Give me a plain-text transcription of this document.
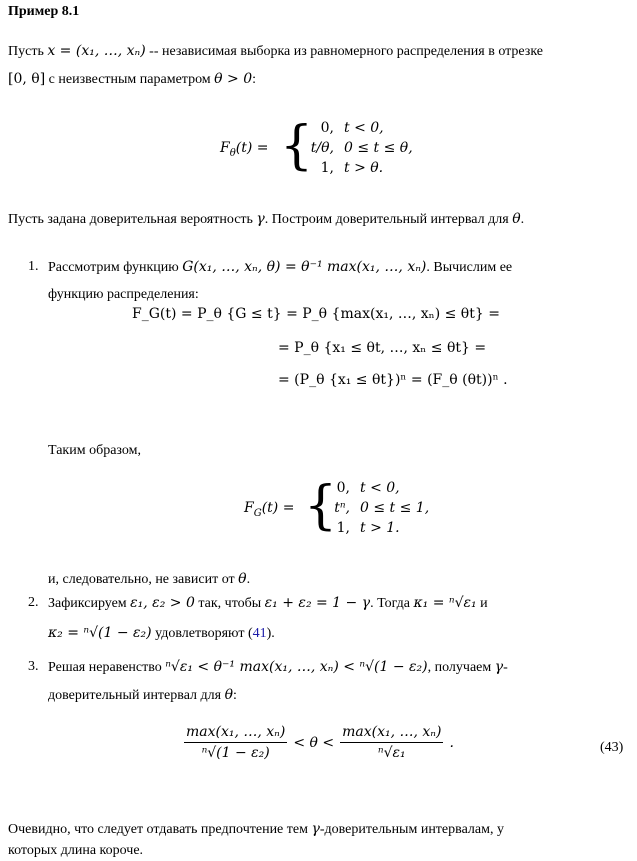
Пример 8.1
Пусть x = (x₁, …, xₙ) -- независимая выборка из равномерного распределения в отрезке
[0, θ] с неизвестным параметром θ > 0:
$F_\theta(t)$ = { 0, t < 0,
t/θ, 0 ≤ t ≤ θ,
1, t > θ.
Пусть задана доверительная вероятность γ. Построим доверительный интервал для θ.
1. Рассмотрим функцию G(x₁, …, xₙ, θ) = θ⁻¹ max(x₁, …, xₙ). Вычислим ее
функцию распределения:
F_G(t) = P_θ {G ≤ t} = P_θ {max(x₁, …, xₙ) ≤ θt} =
= P_θ {x₁ ≤ θt, …, xₙ ≤ θt} =
= (P_θ {x₁ ≤ θt})ⁿ = (F_θ (θt))ⁿ .
Таким образом,
$F_G(t)$ = { 0, t < 0,
tⁿ, 0 ≤ t ≤ 1,
1, t > 1.
и, следовательно, не зависит от θ.
2. Зафиксируем ε₁, ε₂ > 0 так, чтобы ε₁ + ε₂ = 1 − γ. Тогда κ₁ = ⁿ√ε₁ и
κ₂ = ⁿ√(1 − ε₂) удовлетворяют (41).
3. Решая неравенство ⁿ√ε₁ < θ⁻¹ max(x₁, …, xₙ) < ⁿ√(1 − ε₂), получаем γ-
доверительный интервал для θ:
$\frac{\text{max(x₁, …, xₙ)}}{\text{ⁿ√(1 − ε₂)}} < \theta < \frac{\text{max(x₁, …, xₙ)}}{\text{ⁿ√ε₁}}$ .	(43)
Очевидно, что следует отдавать предпочтение тем γ-доверительным интервалам, у
которых длина короче.
